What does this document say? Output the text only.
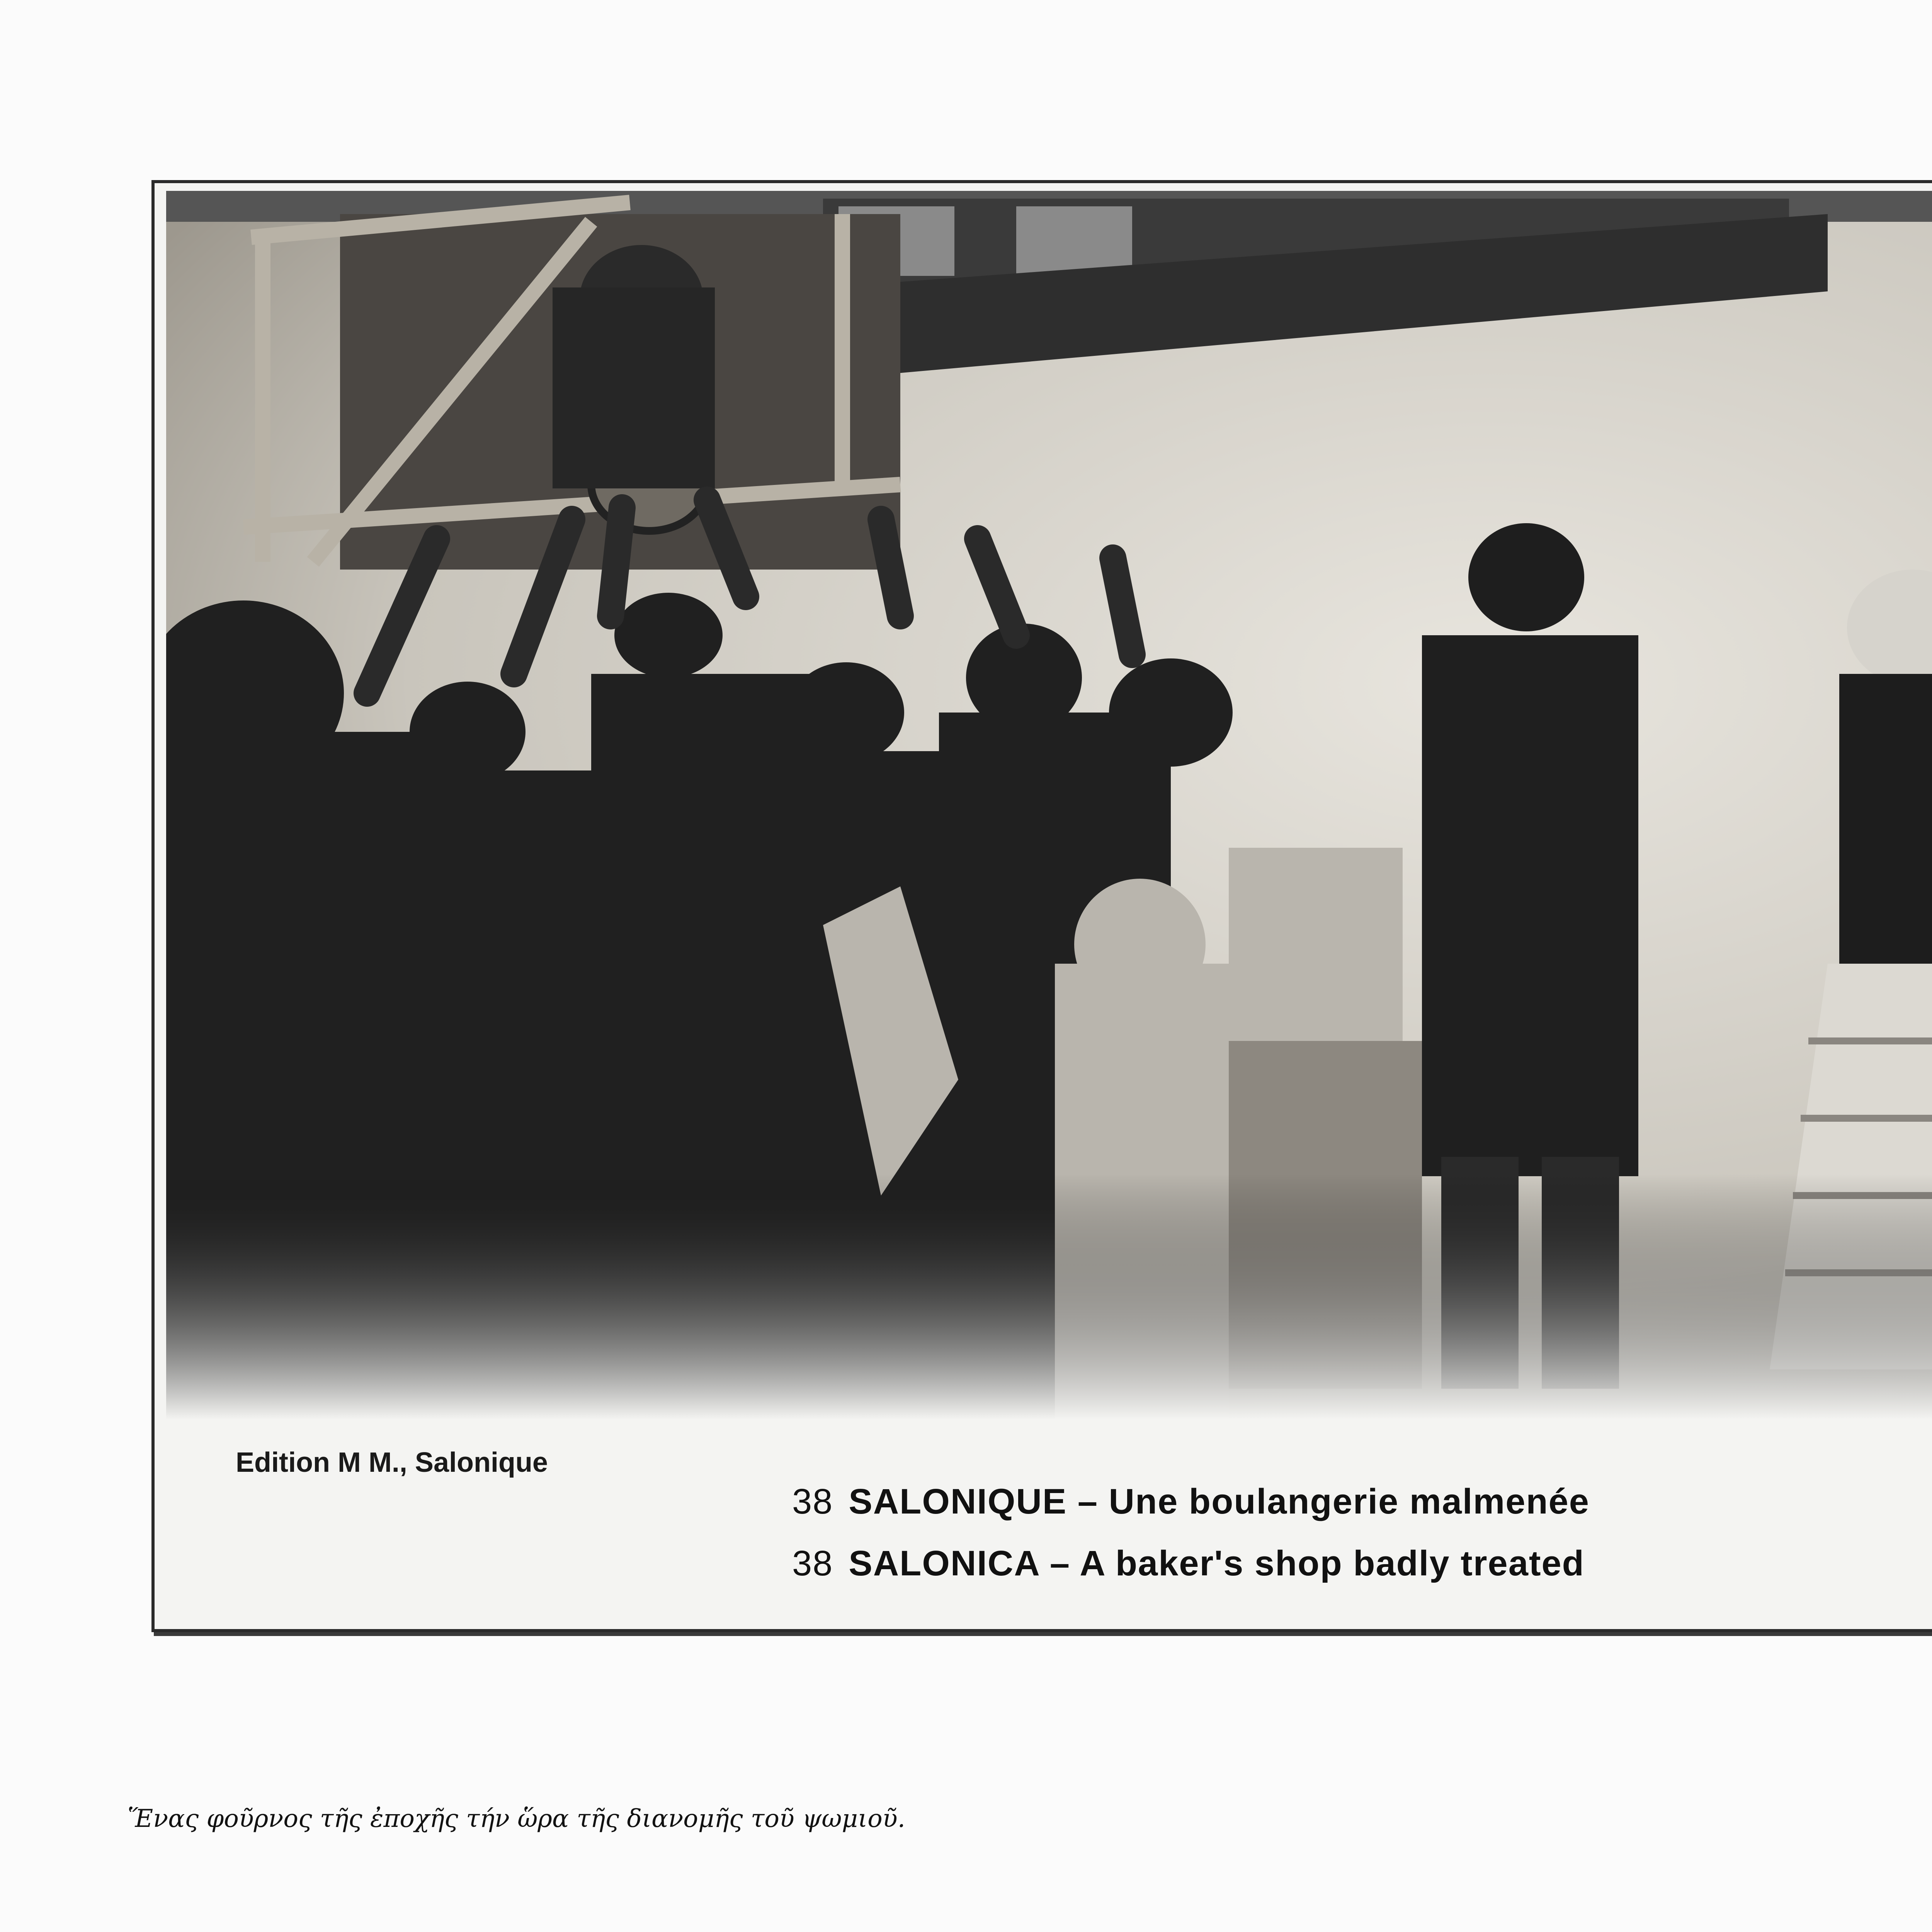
Edition M M., Salonique
38 SALONIQUE – Une boulangerie malmenée
38 SALONICA – A baker's shop badly treated
Ἕνας φοῦρνος τῆς ἐποχῆς τήν ὥρα τῆς διανομῆς τοῦ ψωμιοῦ.
